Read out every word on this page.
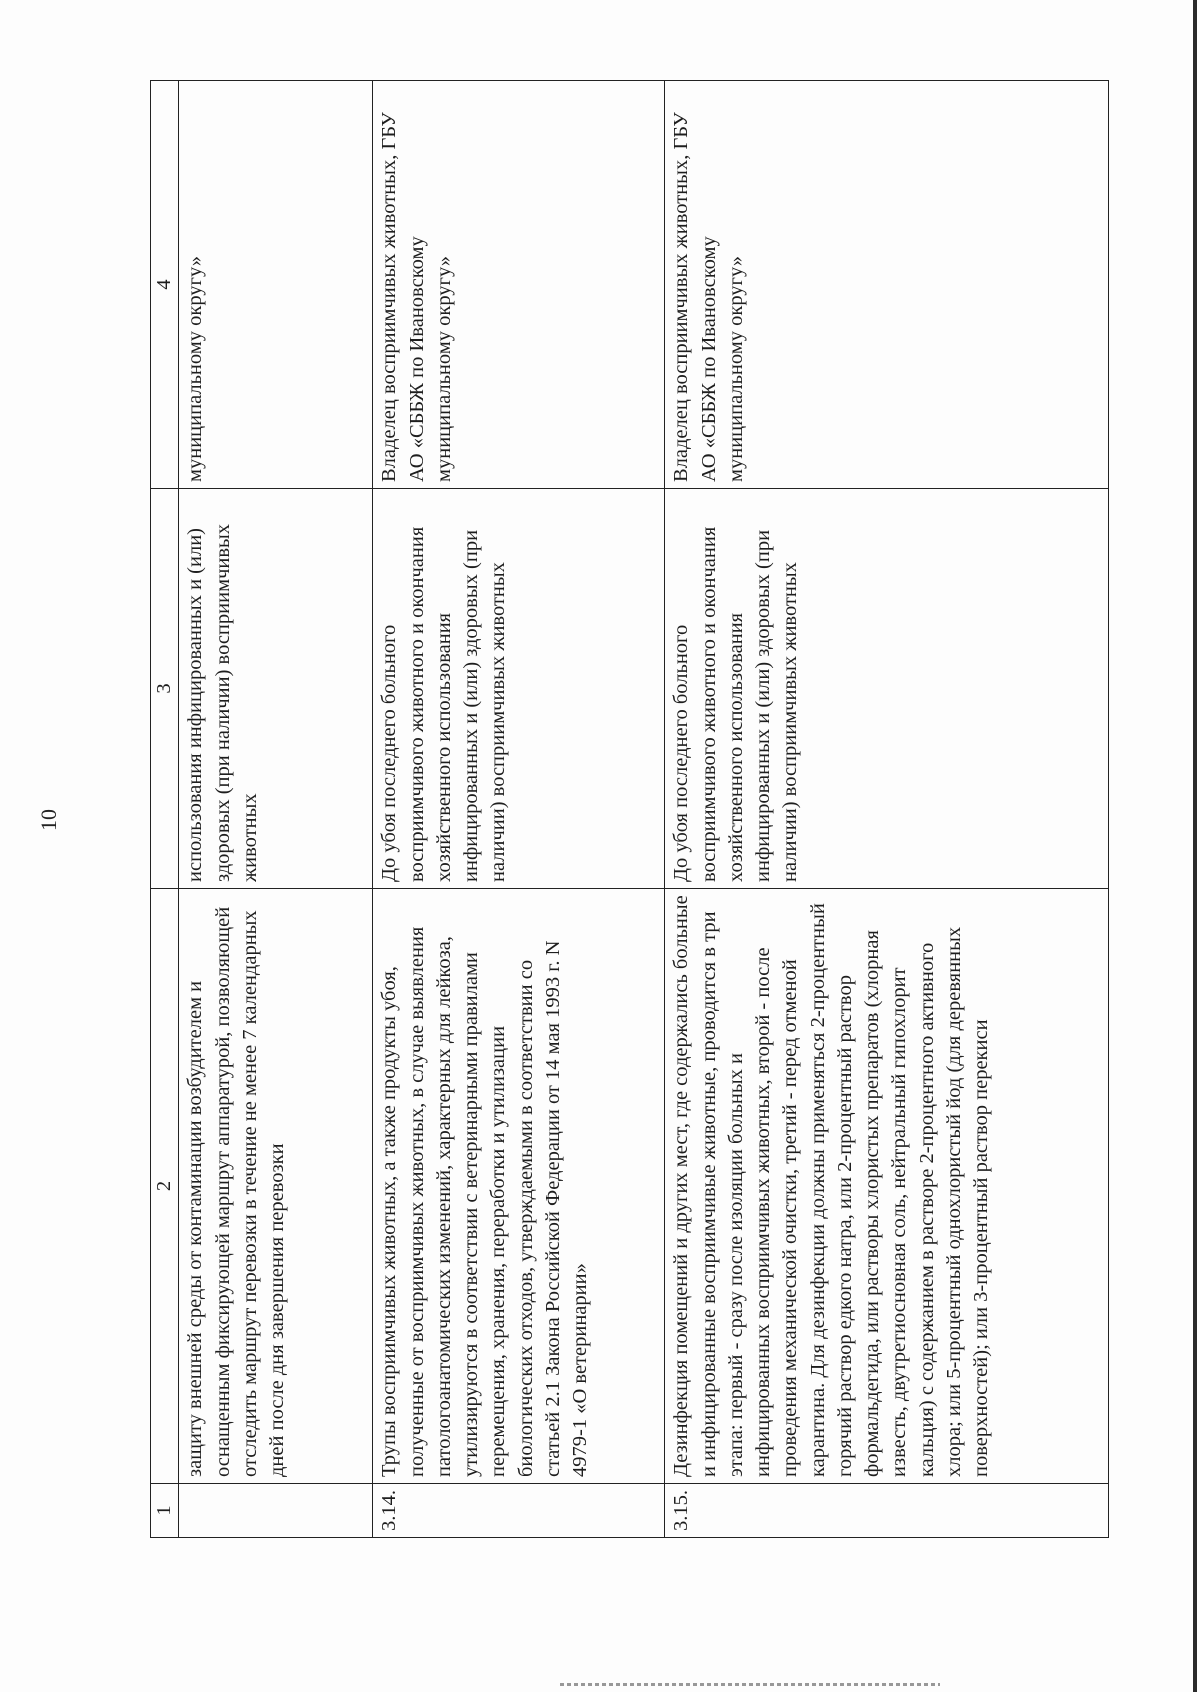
10
1	2	3	4

	защиту внешней среды от контаминации возбудителем и оснащенным фиксирующей маршрут аппаратурой, позволяющей отследить маршрут перевозки в течение не менее 7 календарных дней после дня завершения перевозки	использования инфицированных и (или) здоровых (при наличии) восприимчивых животных	муниципальному округу»

3.14.	Трупы восприимчивых животных, а также продукты убоя, полученные от восприимчивых животных, в случае выявления патологоанатомических изменений, характерных для лейкоза, утилизируются в соответствии с ветеринарными правилами перемещения, хранения, переработки и утилизации биологических отходов, утверждаемыми в соответствии со статьей 2.1 Закона Российской Федерации от 14 мая 1993 г. N 4979-1 «О ветеринарии»	До убоя последнего больного восприимчивого животного и окончания хозяйственного использования инфицированных и (или) здоровых (при наличии) восприимчивых животных	Владелец восприимчивых животных, ГБУ АО «СББЖ по Ивановскому муниципальному округу»

3.15.	Дезинфекция помещений и других мест, где содержались больные и инфицированные восприимчивые животные, проводится в три этапа: первый - сразу после изоляции больных и инфицированных восприимчивых животных, второй - после проведения механической очистки, третий - перед отменой карантина. Для дезинфекции должны применяться 2-процентный горячий раствор едкого натра, или 2-процентный раствор формальдегида, или растворы хлористых препаратов (хлорная известь, двутретиосновная соль, нейтральный гипохлорит кальция) с содержанием в растворе 2-процентного активного хлора; или 5-процентный однохлористый йод (для деревянных поверхностей); или 3-процентный раствор перекиси	До убоя последнего больного восприимчивого животного и окончания хозяйственного использования инфицированных и (или) здоровых (при наличии) восприимчивых животных	Владелец восприимчивых животных, ГБУ АО «СББЖ по Ивановскому муниципальному округу»
